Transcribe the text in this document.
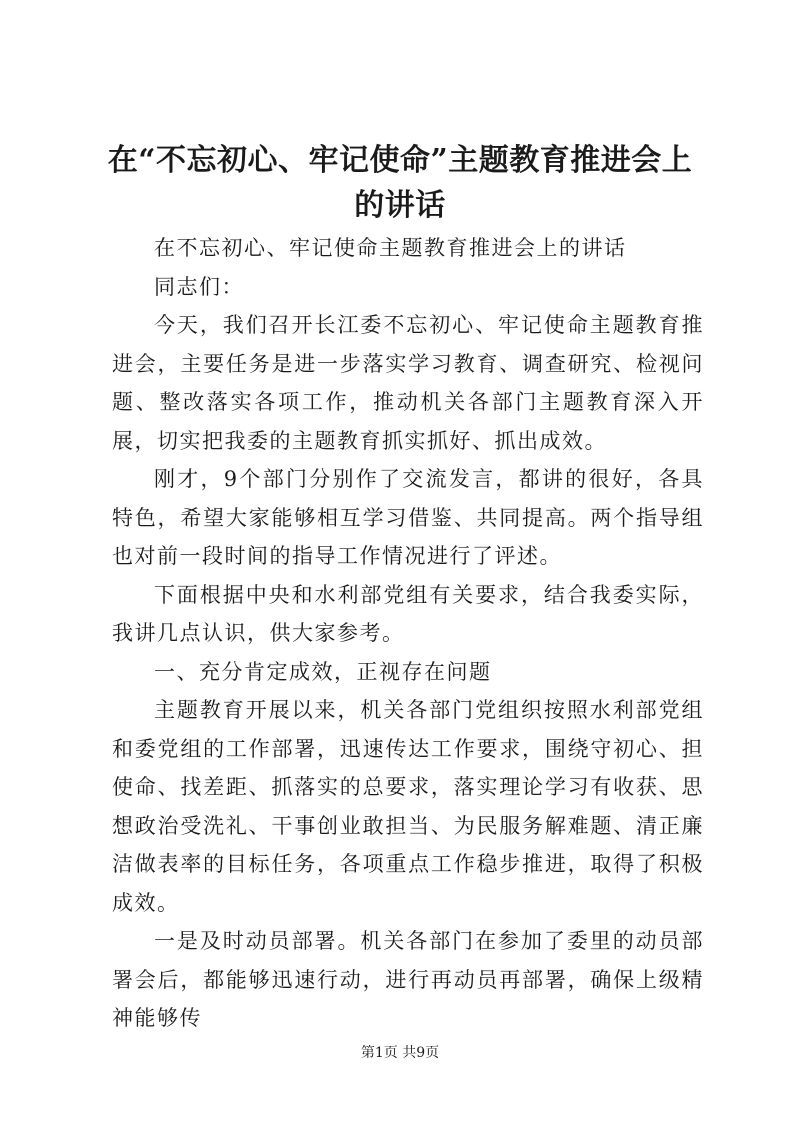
在“不忘初心、牢记使命”主题教育推进会上的讲话

在不忘初心、牢记使命主题教育推进会上的讲话

同志们：

今天，我们召开长江委不忘初心、牢记使命主题教育推进会，主要任务是进一步落实学习教育、调查研究、检视问题、整改落实各项工作，推动机关各部门主题教育深入开展，切实把我委的主题教育抓实抓好、抓出成效。

刚才，9个部门分别作了交流发言，都讲的很好，各具特色，希望大家能够相互学习借鉴、共同提高。两个指导组也对前一段时间的指导工作情况进行了评述。

下面根据中央和水利部党组有关要求，结合我委实际，我讲几点认识，供大家参考。

一、充分肯定成效，正视存在问题

主题教育开展以来，机关各部门党组织按照水利部党组和委党组的工作部署，迅速传达工作要求，围绕守初心、担使命、找差距、抓落实的总要求，落实理论学习有收获、思想政治受洗礼、干事创业敢担当、为民服务解难题、清正廉洁做表率的目标任务，各项重点工作稳步推进，取得了积极成效。

一是及时动员部署。机关各部门在参加了委里的动员部署会后，都能够迅速行动，进行再动员再部署，确保上级精神能够传

第1页 共9页
